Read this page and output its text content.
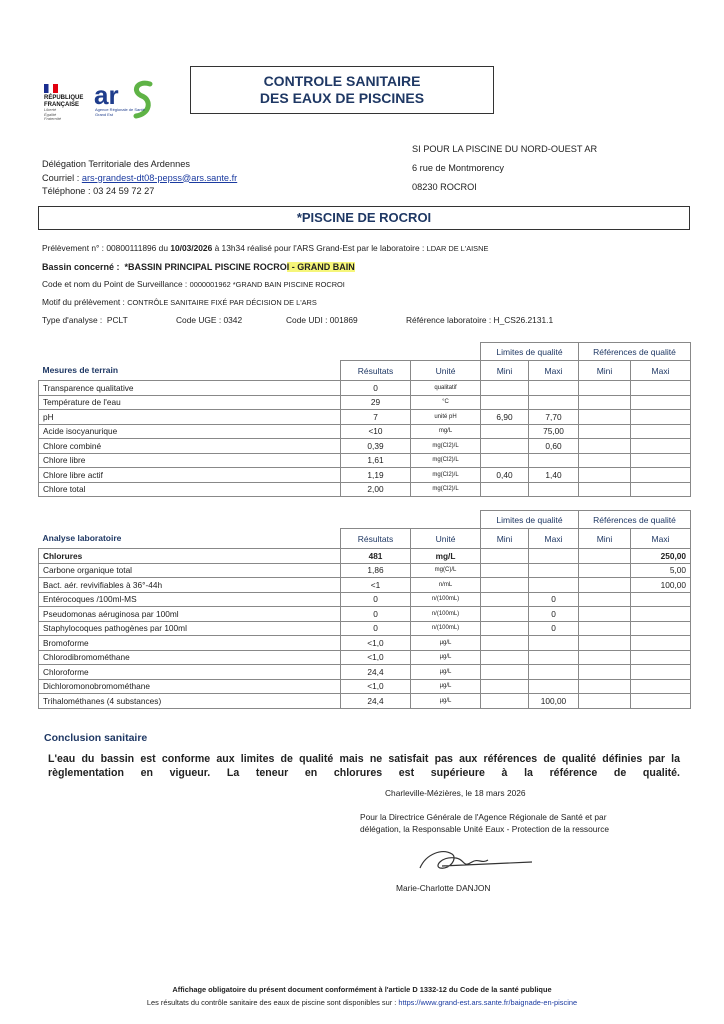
RÉPUBLIQUE
FRANÇAISE
Liberté
Égalité
Fraternité
ar
Agence Régionale de Santé
Grand Est
CONTROLE SANITAIRE
DES EAUX DE PISCINES
SI POUR LA PISCINE DU NORD-OUEST AR
6 rue de Montmorency
08230 ROCROI
Délégation Territoriale des Ardennes
Courriel : ars-grandest-dt08-pepss@ars.sante.fr
Téléphone : 03 24 59 72 27
*PISCINE DE ROCROI
Prélèvement n° : 00800111896 du 10/03/2026 à 13h34 réalisé pour l'ARS Grand-Est par le laboratoire : LDAR DE L'AISNE
Bassin concerné : *BASSIN PRINCIPAL PISCINE ROCROI - GRAND BAIN
Code et nom du Point de Surveillance : 0000001962 *GRAND BAIN PISCINE ROCROI
Motif du prélèvement : CONTRÔLE SANITAIRE FIXÉ PAR DÉCISION DE L'ARS
Type d'analyse : PCLT	Code UGE : 0342	Code UDI : 001869	Référence laboratoire : H_CS26.2131.1
			Limites de qualité		Références de qualité	
Mesures de terrain	Résultats	Unité	Mini	Maxi	Mini	Maxi
Transparence qualitative	0	qualitatif				
Température de l'eau	29	°C				
pH	7	unité pH	6,90	7,70		
Acide isocyanurique	<10	mg/L		75,00		
Chlore combiné	0,39	mg(Cl2)/L		0,60		
Chlore libre	1,61	mg(Cl2)/L				
Chlore libre actif	1,19	mg(Cl2)/L	0,40	1,40		
Chlore total	2,00	mg(Cl2)/L				
			Limites de qualité		Références de qualité	
Analyse laboratoire	Résultats	Unité	Mini	Maxi	Mini	Maxi
Chlorures	481	mg/L				250,00
Carbone organique total	1,86	mg(C)/L				5,00
Bact. aér. revivifiables à 36°-44h	<1	n/mL				100,00
Entérocoques /100ml-MS	0	n/(100mL)		0		
Pseudomonas aéruginosa par 100ml	0	n/(100mL)		0		
Staphylocoques pathogènes par 100ml	0	n/(100mL)		0		
Bromoforme	<1,0	µg/L				
Chlorodibromométhane	<1,0	µg/L				
Chloroforme	24,4	µg/L				
Dichloromonobromométhane	<1,0	µg/L				
Trihalométhanes (4 substances)	24,4	µg/L		100,00		
Conclusion sanitaire
L'eau du bassin est conforme aux limites de qualité mais ne satisfait pas aux références de qualité définies par la
règlementation en vigueur. La teneur en chlorures est supérieure à la référence de qualité.
Charleville-Mézières, le 18 mars 2026
Pour la Directrice Générale de l'Agence Régionale de Santé et par
délégation, la Responsable Unité Eaux - Protection de la ressource
Marie-Charlotte DANJON
Affichage obligatoire du présent document conformément à l'article D 1332-12 du Code de la santé publique
Les résultats du contrôle sanitaire des eaux de piscine sont disponibles sur : https://www.grand-est.ars.sante.fr/baignade-en-piscine
